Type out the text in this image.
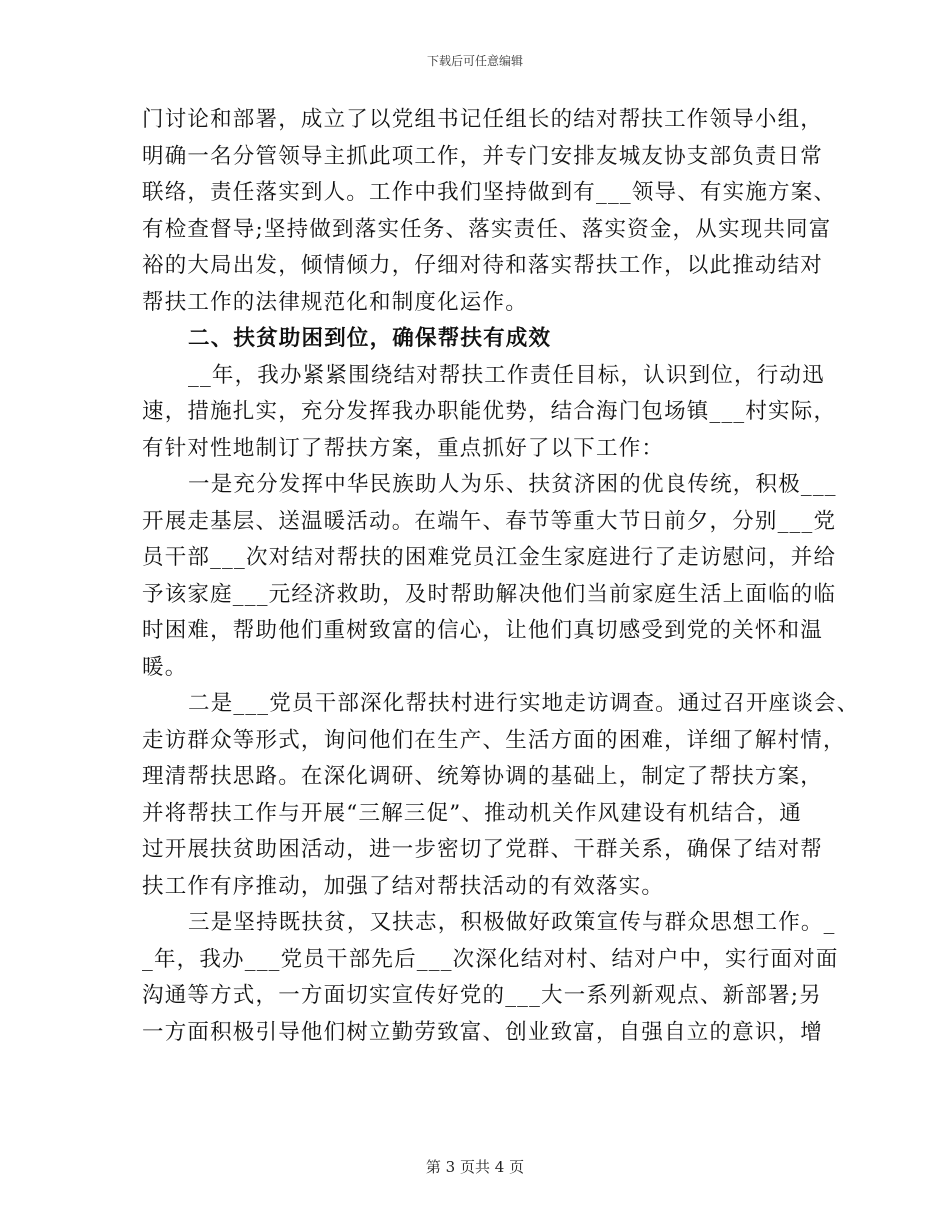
下载后可任意编辑
门讨论和部署，成立了以党组书记任组长的结对帮扶工作领导小组，
明确一名分管领导主抓此项工作，并专门安排友城友协支部负责日常
联络，责任落实到人。工作中我们坚持做到有___领导、有实施方案、
有检查督导;坚持做到落实任务、落实责任、落实资金，从实现共同富
裕的大局出发，倾情倾力，仔细对待和落实帮扶工作，以此推动结对
帮扶工作的法律规范化和制度化运作。
二、扶贫助困到位，确保帮扶有成效
__年，我办紧紧围绕结对帮扶工作责任目标，认识到位，行动迅
速，措施扎实，充分发挥我办职能优势，结合海门包场镇___村实际，
有针对性地制订了帮扶方案，重点抓好了以下工作：
一是充分发挥中华民族助人为乐、扶贫济困的优良传统，积极___
开展走基层、送温暖活动。在端午、春节等重大节日前夕，分别___党
员干部___次对结对帮扶的困难党员江金生家庭进行了走访慰问，并给
予该家庭___元经济救助，及时帮助解决他们当前家庭生活上面临的临
时困难，帮助他们重树致富的信心，让他们真切感受到党的关怀和温
暖。
二是___党员干部深化帮扶村进行实地走访调查。通过召开座谈会、
走访群众等形式，询问他们在生产、生活方面的困难，详细了解村情，
理清帮扶思路。在深化调研、统筹协调的基础上，制定了帮扶方案，
并将帮扶工作与开展“三解三促”、推动机关作风建设有机结合，通
过开展扶贫助困活动，进一步密切了党群、干群关系，确保了结对帮
扶工作有序推动，加强了结对帮扶活动的有效落实。
三是坚持既扶贫，又扶志，积极做好政策宣传与群众思想工作。_
_年，我办___党员干部先后___次深化结对村、结对户中，实行面对面
沟通等方式，一方面切实宣传好党的___大一系列新观点、新部署;另
一方面积极引导他们树立勤劳致富、创业致富，自强自立的意识，增
第 3 页共 4 页
